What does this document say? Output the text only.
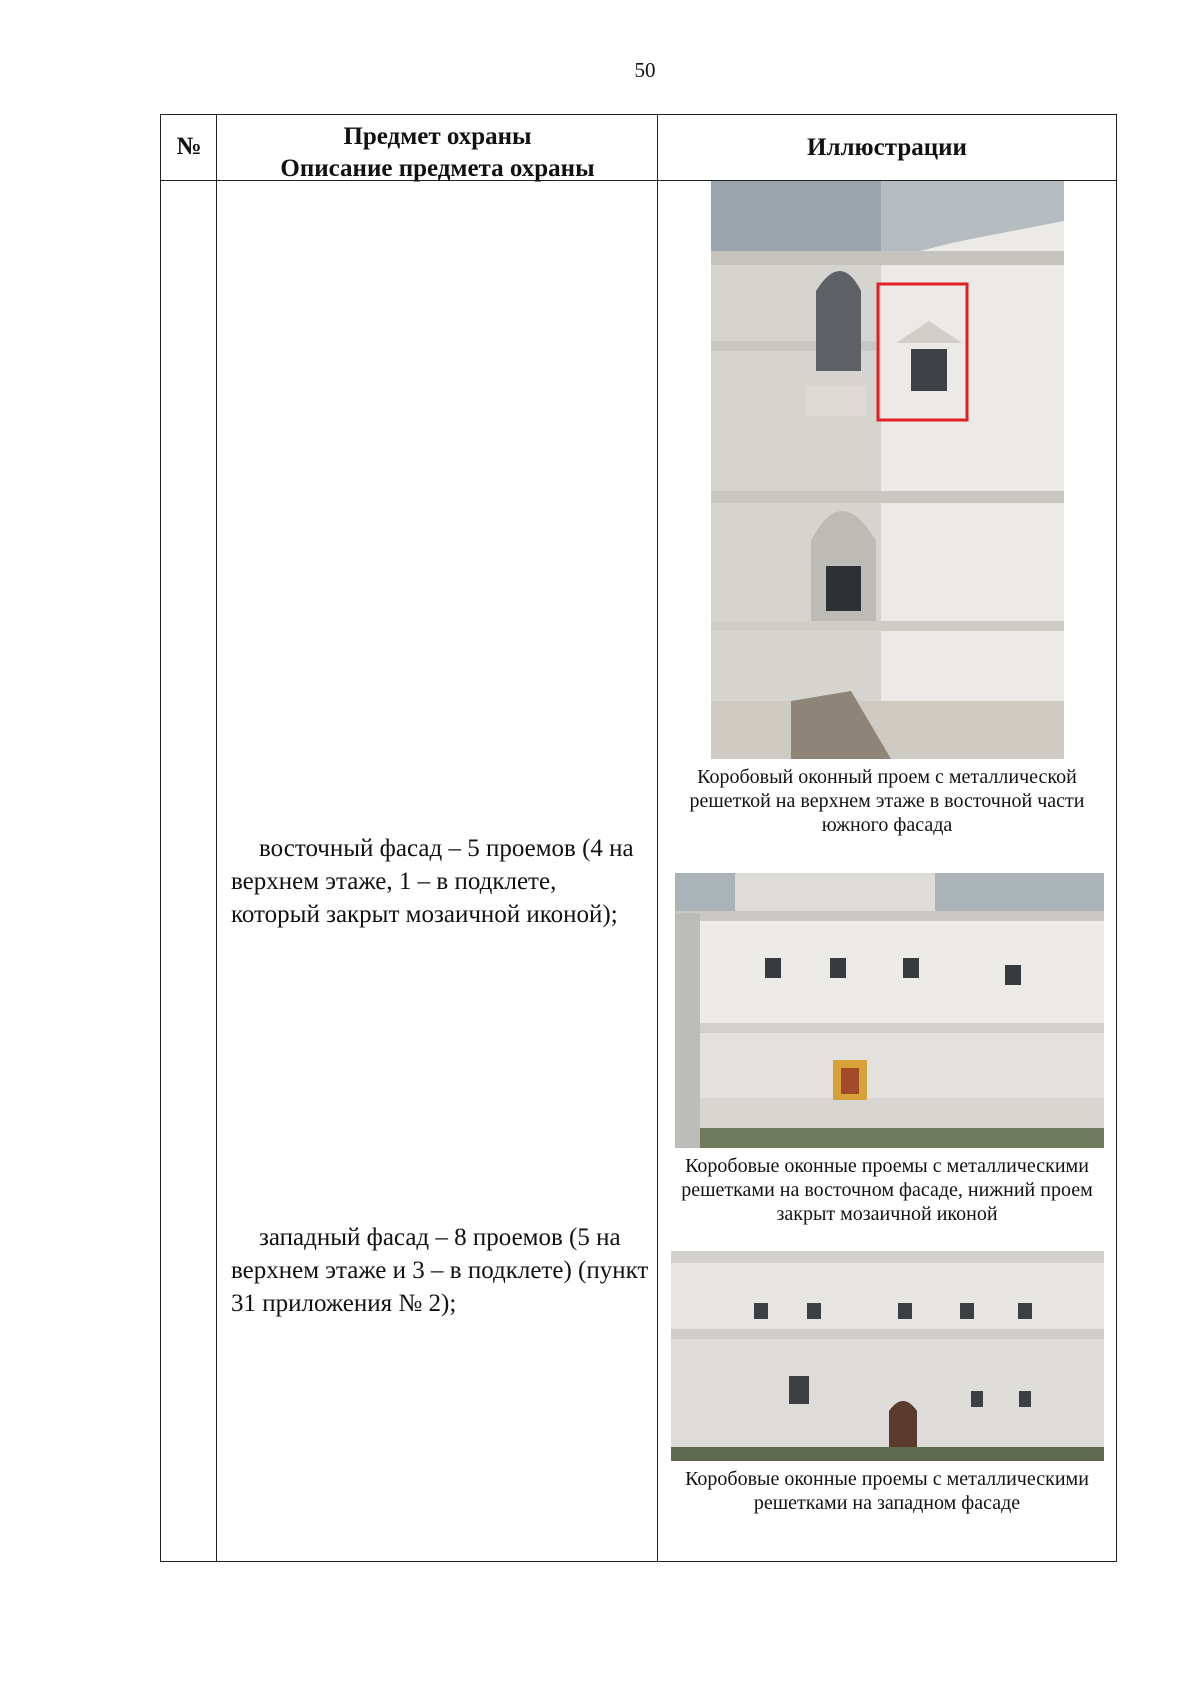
50
№	Предмет охраны
Описание предмета охраны
Иллюстрации

восточный фасад – 5 проемов (4 на верхнем этаже, 1 – в подклете, который закрыт мозаичной иконой);

западный фасад – 8 проемов (5 на верхнем этаже и 3 – в подклете) (пункт 31 приложения № 2);

Коробовый оконный проем с металлической решеткой на верхнем этаже в восточной части южного фасада

Коробовые оконные проемы с металлическими решетками на восточном фасаде, нижний проем закрыт мозаичной иконой

Коробовые оконные проемы с металлическими решетками на западном фасаде
